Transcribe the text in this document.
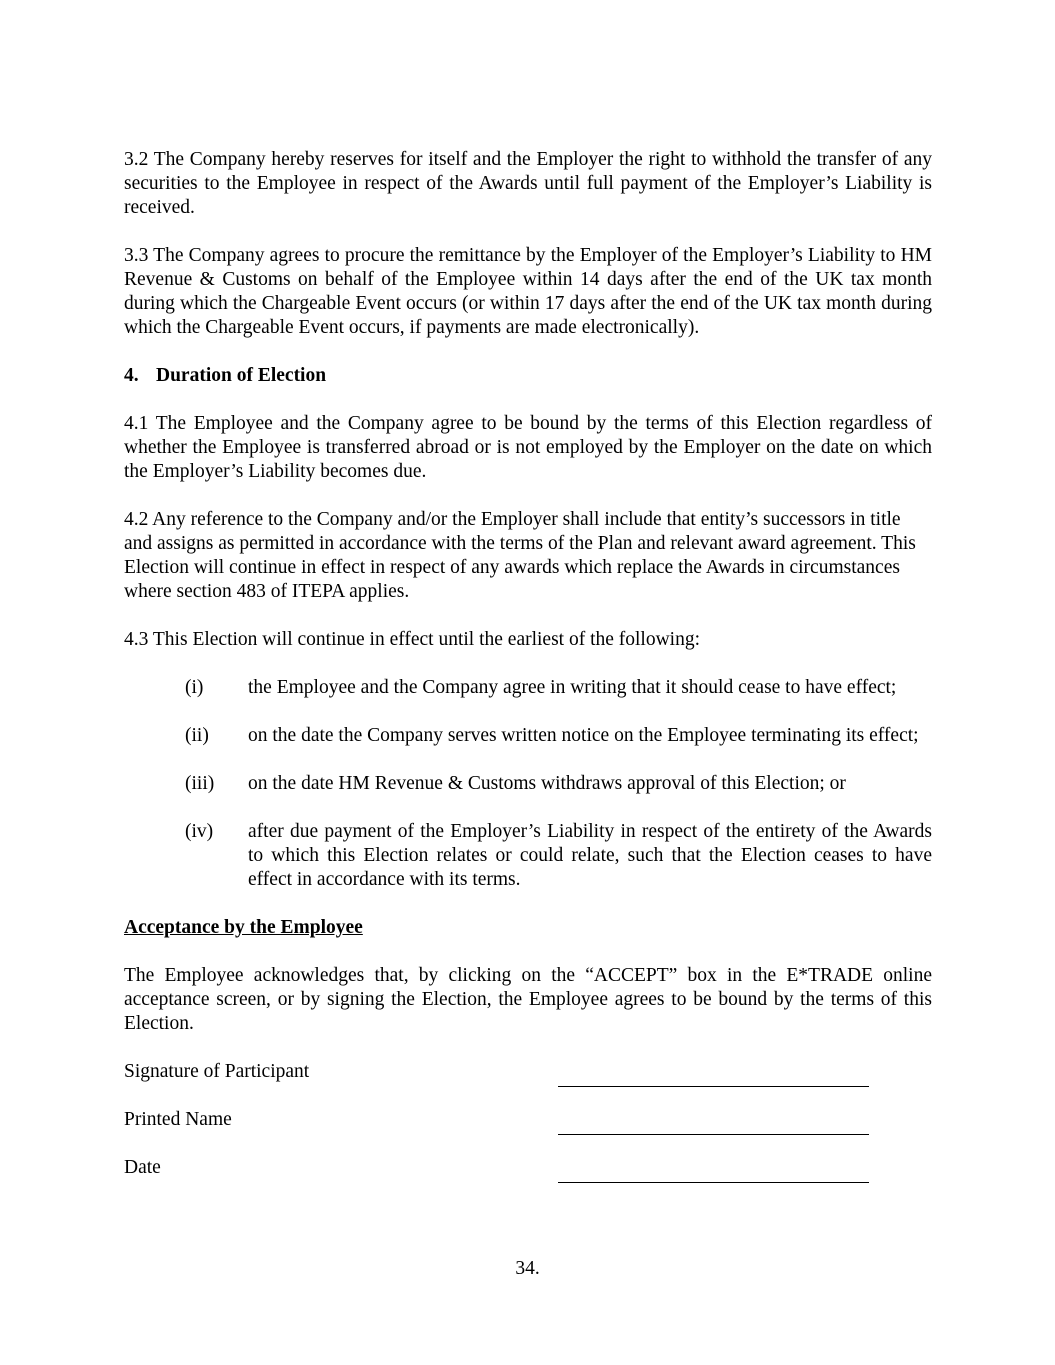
3.2 The Company hereby reserves for itself and the Employer the right to withhold the transfer of any securities to the Employee in respect of the Awards until full payment of the Employer’s Liability is received.

3.3 The Company agrees to procure the remittance by the Employer of the Employer’s Liability to HM Revenue & Customs on behalf of the Employee within 14 days after the end of the UK tax month during which the Chargeable Event occurs (or within 17 days after the end of the UK tax month during which the Chargeable Event occurs, if payments are made electronically).

4. Duration of Election

4.1 The Employee and the Company agree to be bound by the terms of this Election regardless of whether the Employee is transferred abroad or is not employed by the Employer on the date on which the Employer’s Liability becomes due.

4.2 Any reference to the Company and/or the Employer shall include that entity’s successors in title and assigns as permitted in accordance with the terms of the Plan and relevant award agreement. This Election will continue in effect in respect of any awards which replace the Awards in circumstances where section 483 of ITEPA applies.

4.3 This Election will continue in effect until the earliest of the following:

(i)	the Employee and the Company agree in writing that it should cease to have effect;
(ii)	on the date the Company serves written notice on the Employee terminating its effect;
(iii)	on the date HM Revenue & Customs withdraws approval of this Election; or
(iv)	after due payment of the Employer’s Liability in respect of the entirety of the Awards to which this Election relates or could relate, such that the Election ceases to have effect in accordance with its terms.

Acceptance by the Employee

The Employee acknowledges that, by clicking on the “ACCEPT” box in the E*TRADE online acceptance screen, or by signing the Election, the Employee agrees to be bound by the terms of this Election.

Signature of Participant
Printed Name
Date
34.
